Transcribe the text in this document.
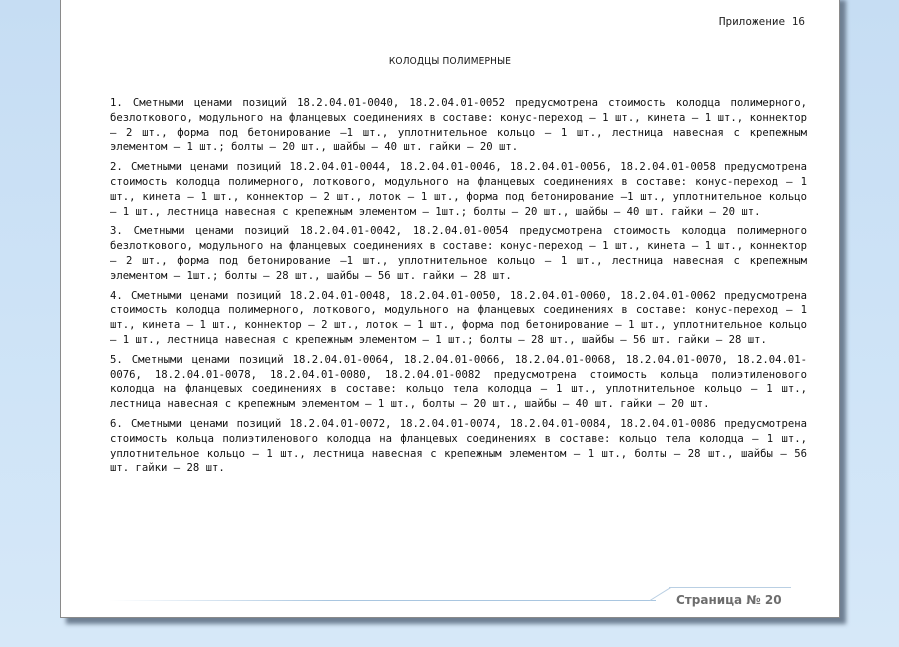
Приложение 16
КОЛОДЦЫ ПОЛИМЕРНЫЕ

1. Сметными ценами позиций 18.2.04.01-0040, 18.2.04.01-0052 предусмотрена стоимость колодца полимерного, безлоткового, модульного на фланцевых соединениях в составе: конус-переход – 1 шт., кинета – 1 шт., коннектор – 2 шт., форма под бетонирование –1 шт., уплотнительное кольцо – 1 шт., лестница навесная с крепежным элементом – 1 шт.; болты – 20 шт., шайбы – 40 шт. гайки – 20 шт.

2. Сметными ценами позиций 18.2.04.01-0044, 18.2.04.01-0046, 18.2.04.01-0056, 18.2.04.01-0058 предусмотрена стоимость колодца полимерного, лоткового, модульного на фланцевых соединениях в составе: конус-переход – 1 шт., кинета – 1 шт., коннектор – 2 шт., лоток – 1 шт., форма под бетонирование –1 шт., уплотнительное кольцо – 1 шт., лестница навесная с крепежным элементом – 1шт.; болты – 20 шт., шайбы – 40 шт. гайки – 20 шт.

3. Сметными ценами позиций 18.2.04.01-0042, 18.2.04.01-0054 предусмотрена стоимость колодца полимерного безлоткового, модульного на фланцевых соединениях в составе: конус-переход – 1 шт., кинета – 1 шт., коннектор – 2 шт., форма под бетонирование –1 шт., уплотнительное кольцо – 1 шт., лестница навесная с крепежным элементом – 1шт.; болты – 28 шт., шайбы – 56 шт. гайки – 28 шт.

4. Сметными ценами позиций 18.2.04.01-0048, 18.2.04.01-0050, 18.2.04.01-0060, 18.2.04.01-0062 предусмотрена стоимость колодца полимерного, лоткового, модульного на фланцевых соединениях в составе: конус-переход – 1 шт., кинета – 1 шт., коннектор – 2 шт., лоток – 1 шт., форма под бетонирование – 1 шт., уплотнительное кольцо – 1 шт., лестница навесная с крепежным элементом – 1 шт.; болты – 28 шт., шайбы – 56 шт. гайки – 28 шт.

5. Сметными ценами позиций 18.2.04.01-0064, 18.2.04.01-0066, 18.2.04.01-0068, 18.2.04.01-0070, 18.2.04.01-0076, 18.2.04.01-0078, 18.2.04.01-0080, 18.2.04.01-0082 предусмотрена стоимость кольца полиэтиленового колодца на фланцевых соединениях в составе: кольцо тела колодца – 1 шт., уплотнительное кольцо – 1 шт., лестница навесная с крепежным элементом – 1 шт., болты – 20 шт., шайбы – 40 шт. гайки – 20 шт.

6. Сметными ценами позиций 18.2.04.01-0072, 18.2.04.01-0074, 18.2.04.01-0084, 18.2.04.01-0086 предусмотрена стоимость кольца полиэтиленового колодца на фланцевых соединениях в составе: кольцо тела колодца – 1 шт., уплотнительное кольцо – 1 шт., лестница навесная с крепежным элементом – 1 шт., болты – 28 шт., шайбы – 56 шт. гайки – 28 шт.

Страница № 20
